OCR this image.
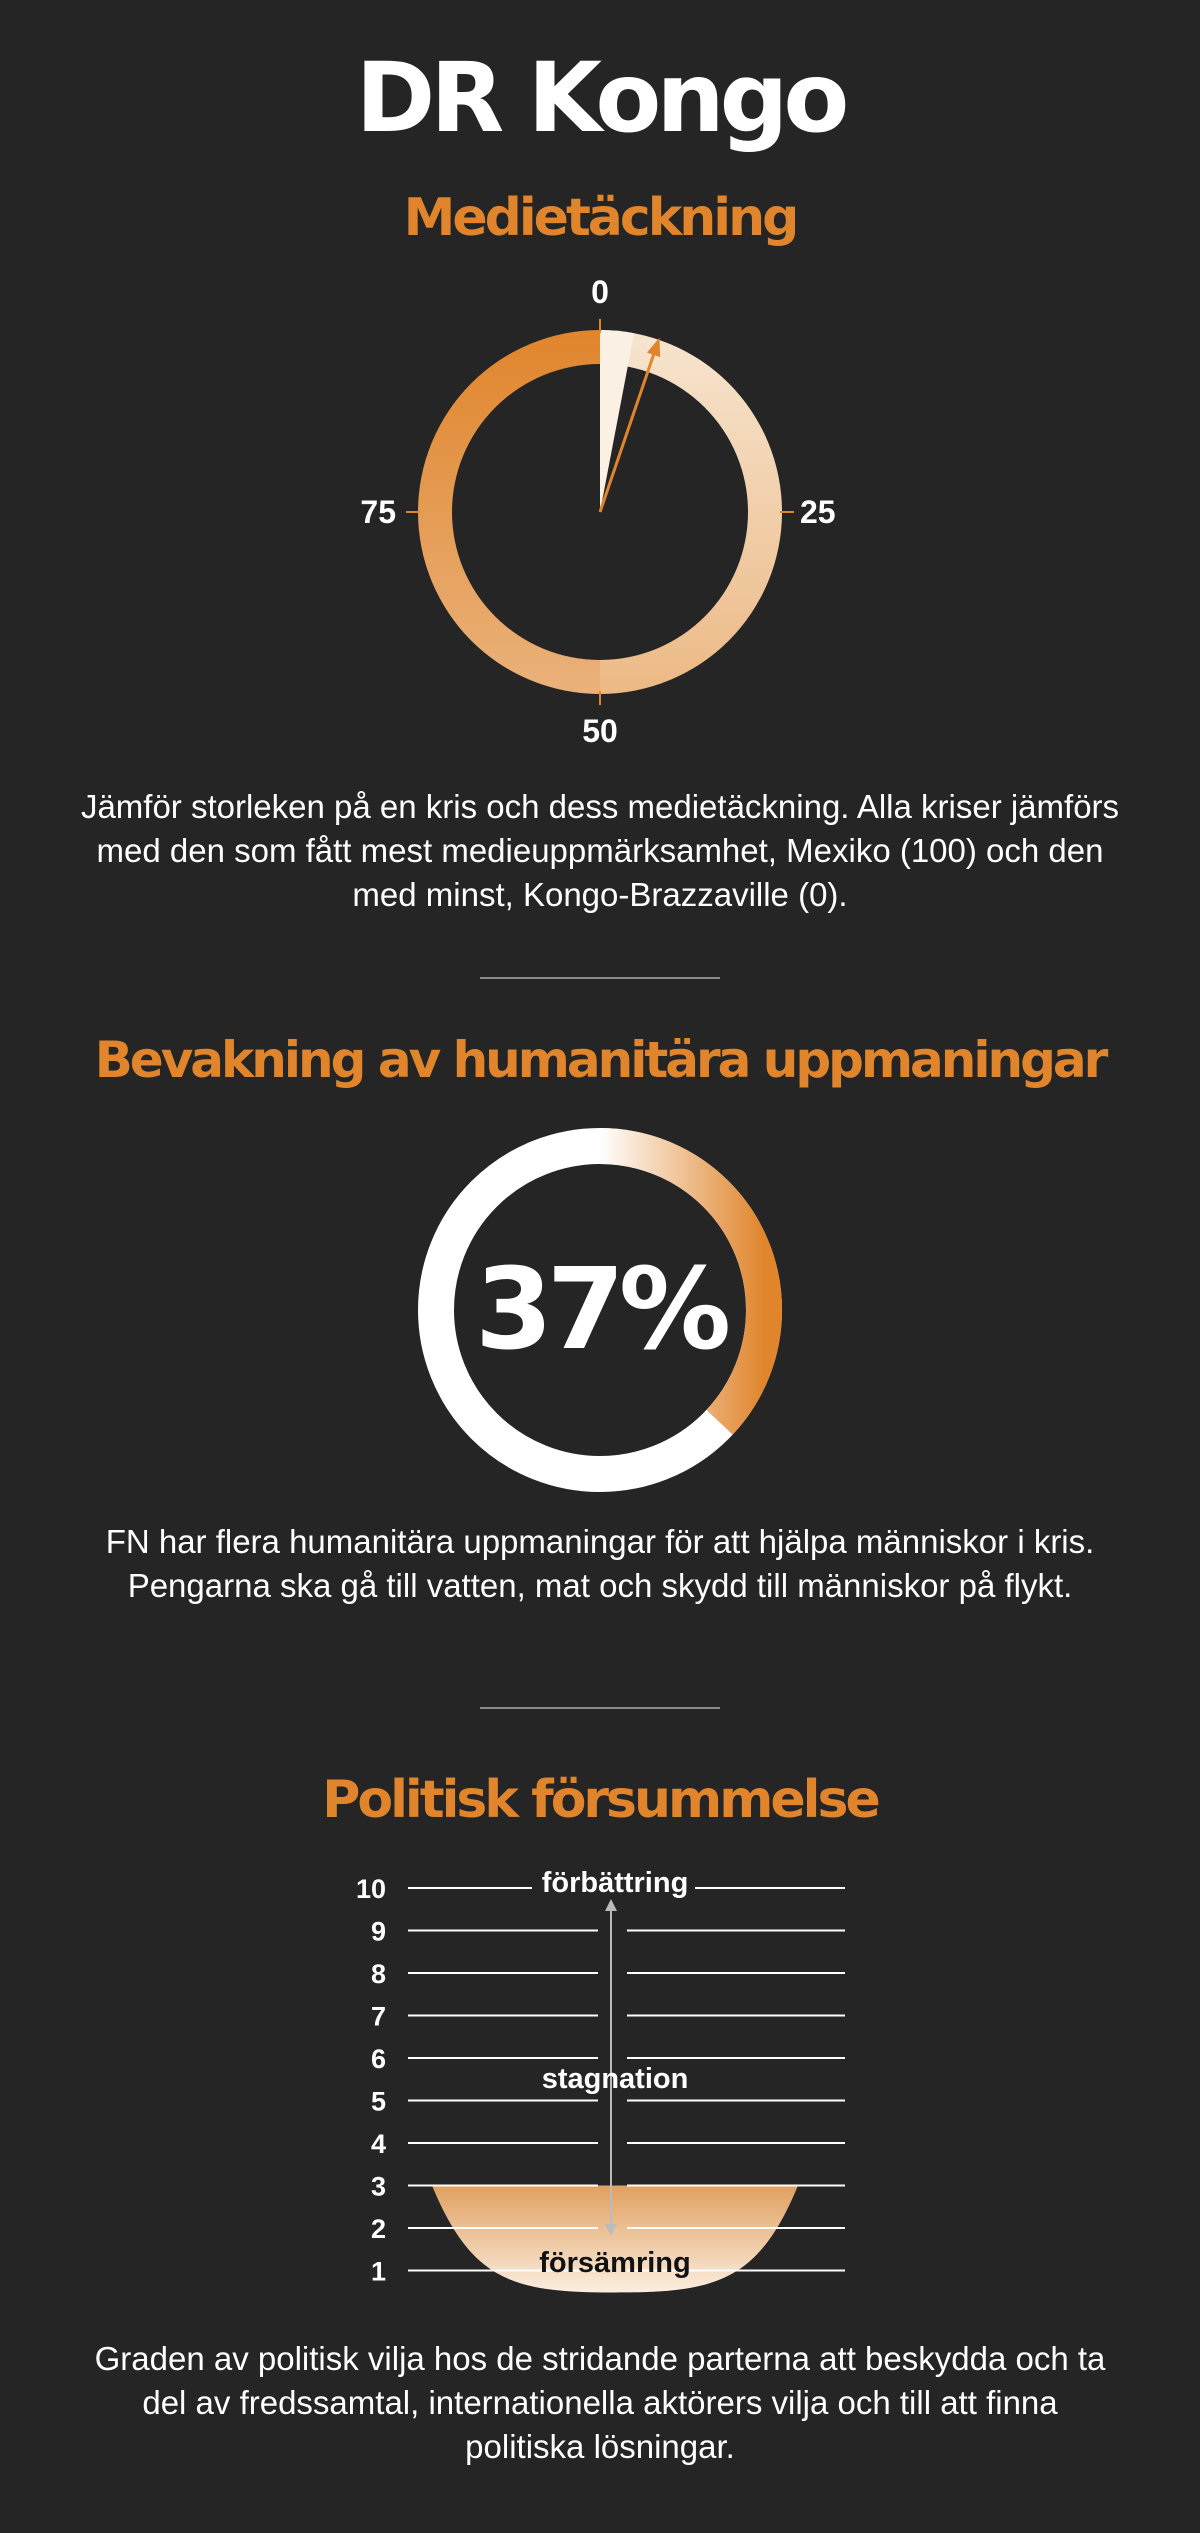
DR Kongo
Medietäckning
0
25
50
75

Jämför storleken på en kris och dess medietäckning. Alla kriser jämförs med den som fått mest medieuppmärksamhet, Mexiko (100) och den med minst, Kongo-Brazzaville (0).

Bevakning av humanitära uppmaningar
37%

FN har flera humanitära uppmaningar för att hjälpa människor i kris. Pengarna ska gå till vatten, mat och skydd till människor på flykt.

Politisk försummelse
10
9
8
7
6
5
4
3
2
1
förbättring
stagnation
försämring

Graden av politisk vilja hos de stridande parterna att beskydda och ta del av fredssamtal, internationella aktörers vilja och till att finna politiska lösningar.
